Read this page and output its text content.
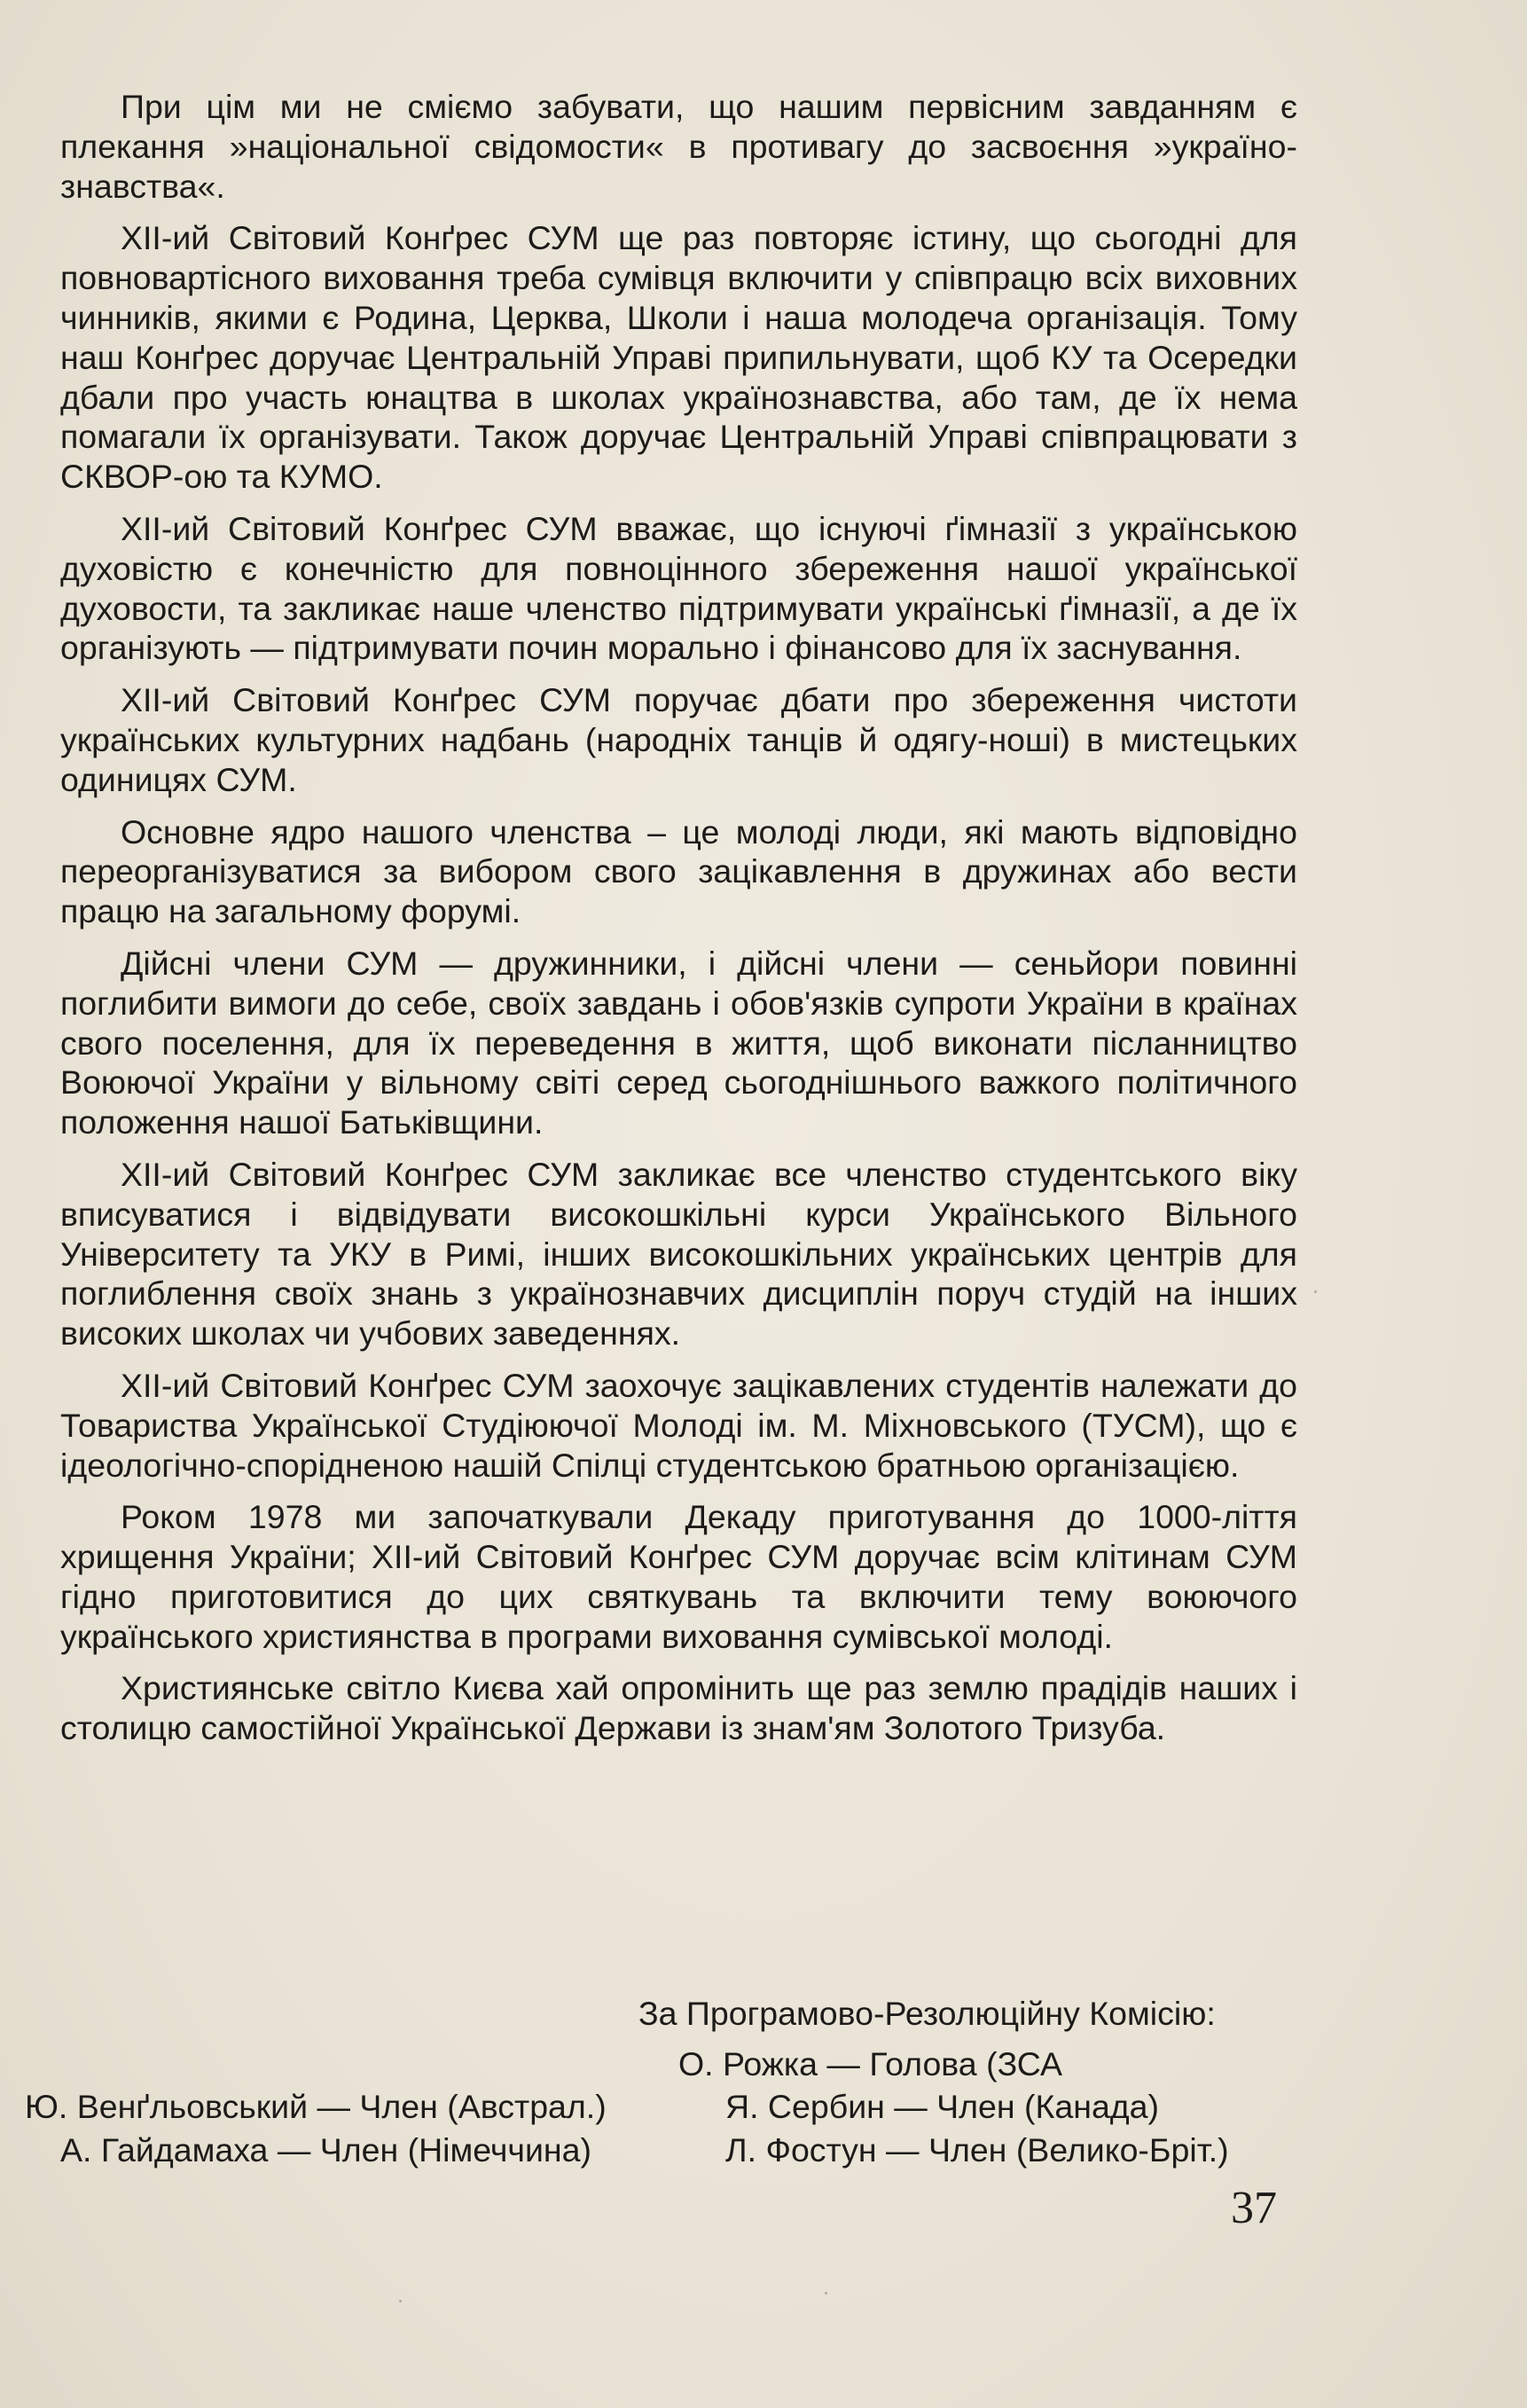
При цім ми не сміємо забувати, що нашим первісним завданням є плекання »національної свідомости« в противагу до засвоєння »українознавства«.

XII-ий Світовий Конґрес СУМ ще раз повторяє істину, що сьогодні для повновартісного виховання треба сумівця включити у співпрацю всіх виховних чинників, якими є Родина, Церква, Школи і наша молодеча організація. Тому наш Конґрес доручає Центральній Управі припильнувати, щоб КУ та Осередки дбали про участь юнацтва в школах українознавства, або там, де їх нема помагали їх організувати. Також доручає Центральній Управі співпрацювати з СКВОР-ою та КУМО.

XII-ий Світовий Конґрес СУМ вважає, що існуючі ґімназії з українською духовістю є конечністю для повноцінного збереження нашої української духовости, та закликає наше членство підтримувати українські ґімназії, а де їх організують — підтримувати почин морально і фінансово для їх заснування.

XII-ий Світовий Конґрес СУМ поручає дбати про збереження чистоти українських культурних надбань (народніх танців й одягу-ноші) в мистецьких одиницях СУМ.

Основне ядро нашого членства – це молоді люди, які мають відповідно переорганізуватися за вибором свого зацікавлення в дружинах або вести працю на загальному форумі.

Дійсні члени СУМ — дружинники, і дійсні члени — сеньйори повинні поглибити вимоги до себе, своїх завдань і обов'язків супроти України в країнах свого поселення, для їх переведення в життя, щоб виконати післанництво Воюючої України у вільному світі серед сьогоднішнього важкого політичного положення нашої Батьківщини.

XII-ий Світовий Конґрес СУМ закликає все членство студентського віку вписуватися і відвідувати високошкільні курси Українського Вільного Університету та УКУ в Римі, інших високошкільних українських центрів для поглиблення своїх знань з українознавчих дисциплін поруч студій на інших високих школах чи учбових заведеннях.

XII-ий Світовий Конґрес СУМ заохочує зацікавлених студентів належати до Товариства Української Студіюючої Молоді ім. М. Міхновського (ТУСМ), що є ідеологічно-споріднeною нашій Спілці студентською братньою організацією.

Роком 1978 ми започаткували Декаду приготування до 1000-ліття хрищення України; XII-ий Світовий Конґрес СУМ доручає всім клітинам СУМ гідно приготовитися до цих святкувань та включити тему воюючого українського християнства в програми виховання сумівської молоді.

Християнське світло Києва хай опромінить ще раз землю прадідів наших і столицю самостійної Української Держави із знам'ям Золотого Тризуба.

За Програмово-Резолюційну Комісію:
О. Рожка — Голова (ЗСА
Ю. Венґльовський — Член (Австрал.)	Я. Сербин — Член (Канада)
А. Гайдамаха — Член (Німеччина)	Л. Фостун — Член (Велико-Бріт.)
37
